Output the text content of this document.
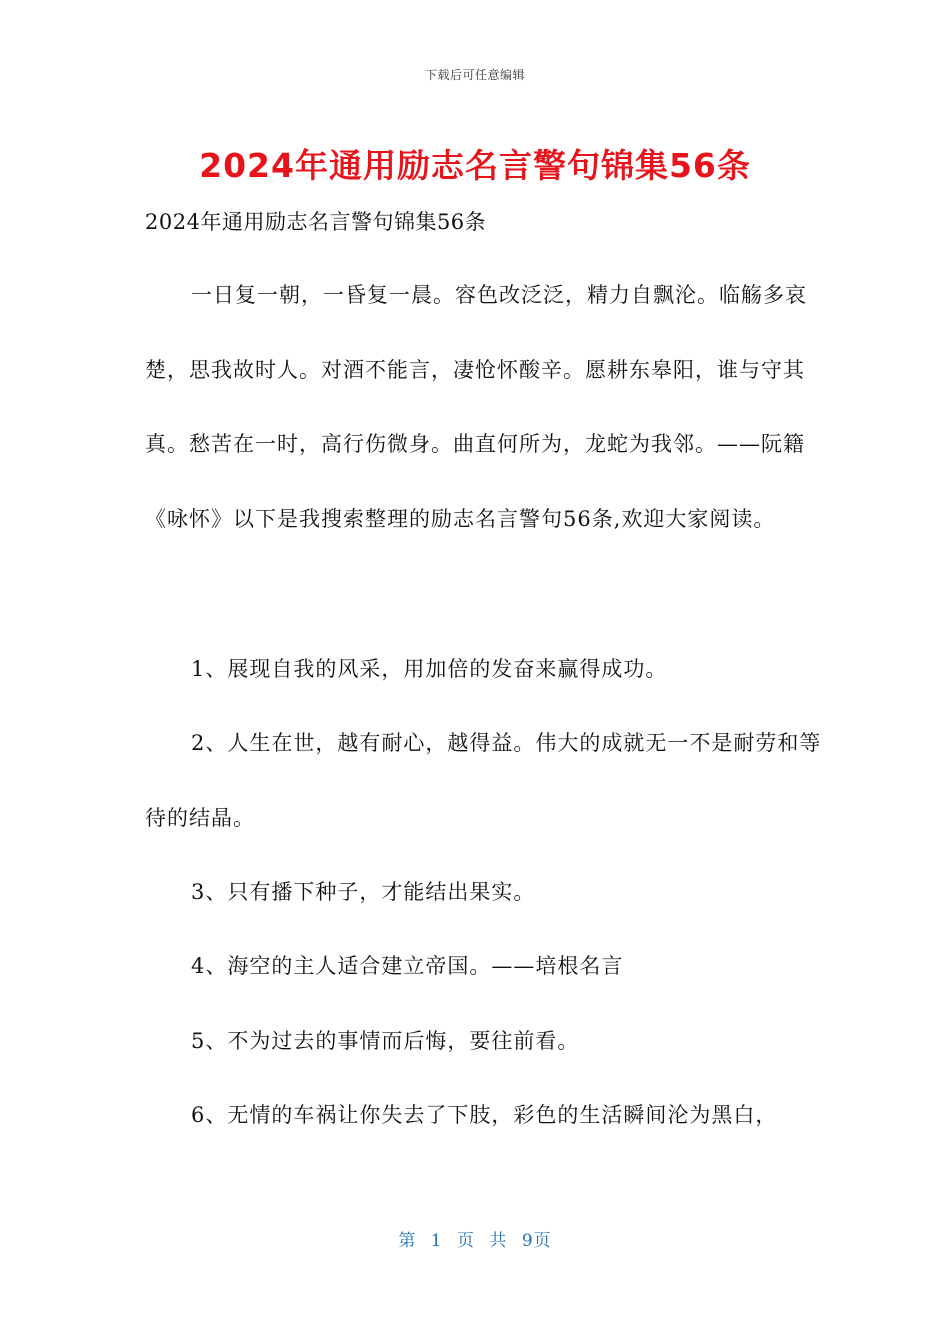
下载后可任意编辑
2024年通用励志名言警句锦集56条

2024年通用励志名言警句锦集56条

一日复一朝，一昏复一晨。容色改泛泛，精力自飘沦。临觞多哀楚，思我故时人。对酒不能言，凄怆怀酸辛。愿耕东皋阳，谁与守其真。愁苦在一时，高行伤微身。曲直何所为，龙蛇为我邻。——阮籍《咏怀》以下是我搜索整理的励志名言警句56条,欢迎大家阅读。

1、展现自我的风采，用加倍的发奋来赢得成功。

2、人生在世，越有耐心，越得益。伟大的成就无一不是耐劳和等待的结晶。

3、只有播下种子，才能结出果实。

4、海空的主人适合建立帝国。——培根名言

5、不为过去的事情而后悔，要往前看。

6、无情的车祸让你失去了下肢，彩色的生活瞬间沦为黑白，

第 1 页 共 9页
